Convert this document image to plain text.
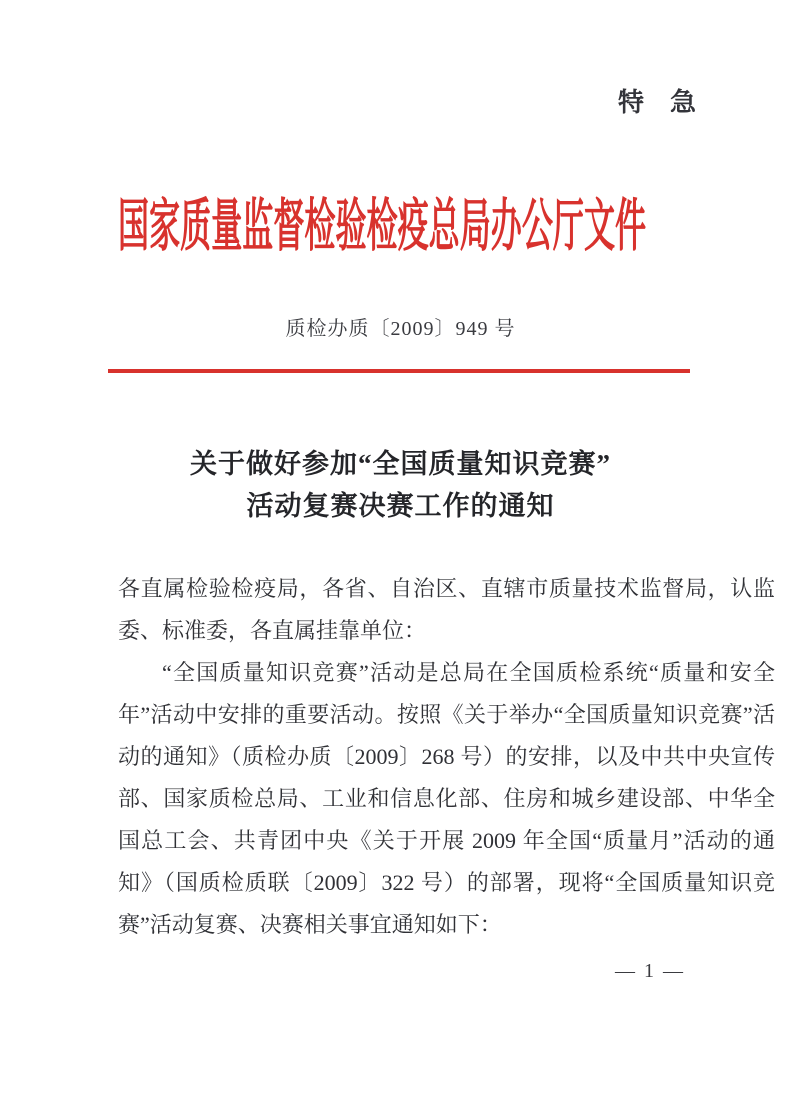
特　急
国家质量监督检验检疫总局办公厅文件
质检办质〔2009〕949 号
关于做好参加“全国质量知识竞赛”
活动复赛决赛工作的通知

各直属检验检疫局，各省、自治区、直辖市质量技术监督局，认监委、标准委，各直属挂靠单位：

“全国质量知识竞赛”活动是总局在全国质检系统“质量和安全年”活动中安排的重要活动。按照《关于举办“全国质量知识竞赛”活动的通知》（质检办质〔2009〕268 号）的安排，以及中共中央宣传部、国家质检总局、工业和信息化部、住房和城乡建设部、中华全国总工会、共青团中央《关于开展 2009 年全国“质量月”活动的通知》（国质检质联〔2009〕322 号）的部署，现将“全国质量知识竞赛”活动复赛、决赛相关事宜通知如下：

— 1 —
